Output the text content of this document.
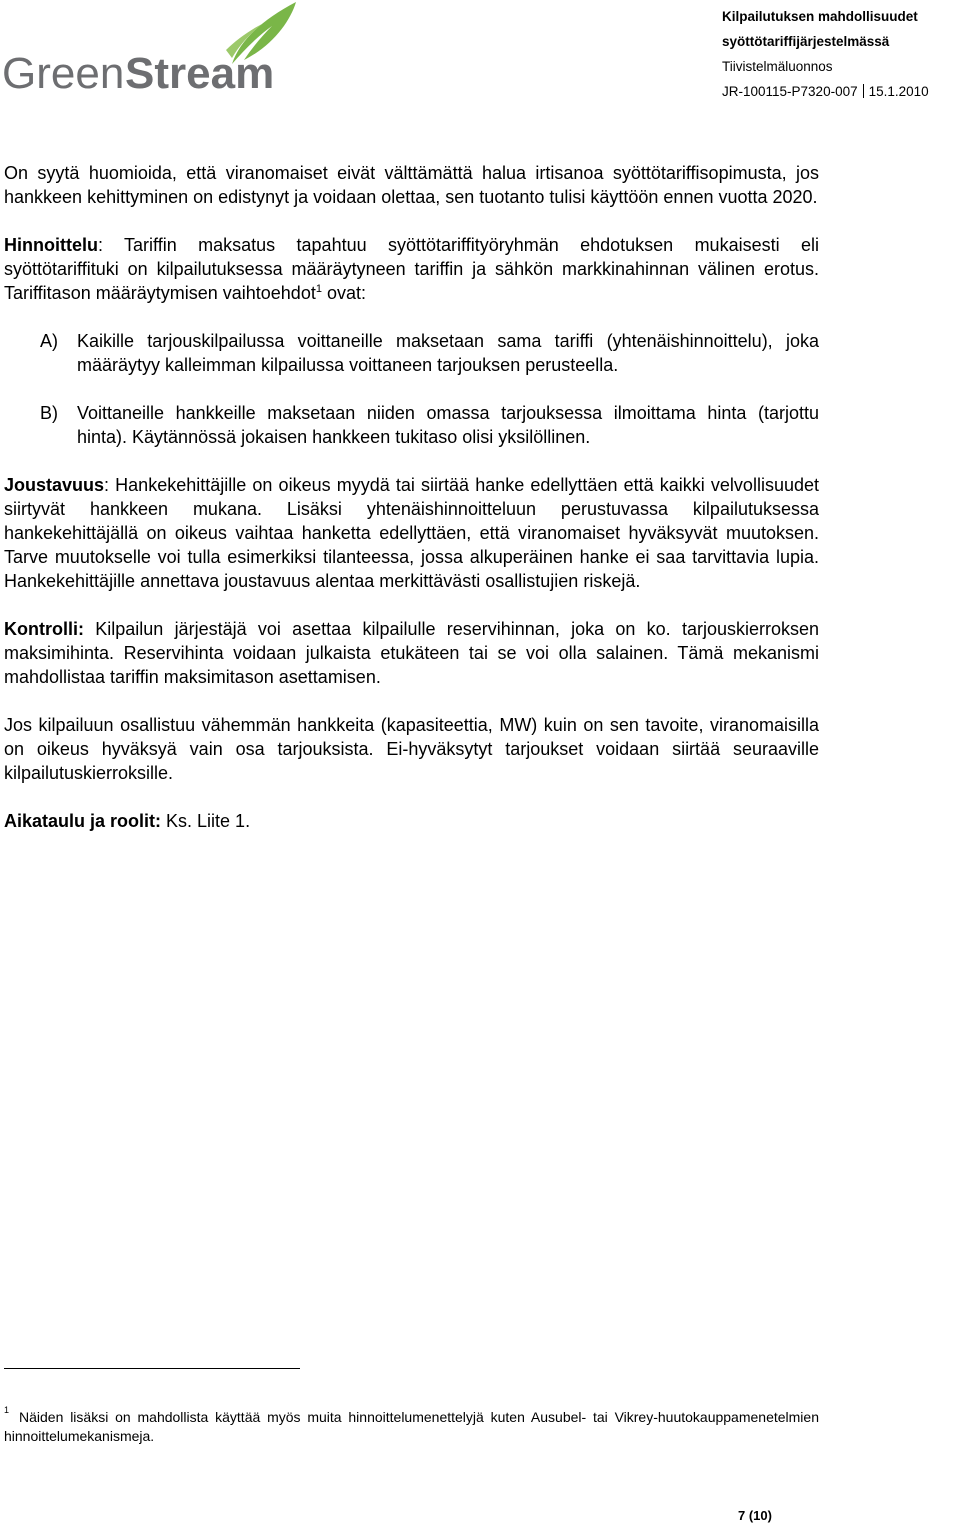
Green Stream
Kilpailutuksen mahdollisuudet
syöttötariffijärjestelmässä
Tiivistelmäluonnos
JR-100115-P7320-007 15.1.2010

On syytä huomioida, että viranomaiset eivät välttämättä halua irtisanoa syöttötariffisopimusta, jos hankkeen kehittyminen on edistynyt ja voidaan olettaa, sen tuotanto tulisi käyttöön ennen vuotta 2020.

Hinnoittelu: Tariffin maksatus tapahtuu syöttötariffityöryhmän ehdotuksen mukaisesti eli syöttötariffituki on kilpailutuksessa määräytyneen tariffin ja sähkön markkinahinnan välinen erotus. Tariffitason määräytymisen vaihtoehdot$^1$ ovat:

A)	Kaikille tarjouskilpailussa voittaneille maksetaan sama tariffi (yhtenäishinnoittelu), joka määräytyy kalleimman kilpailussa voittaneen tarjouksen perusteella.
B)	Voittaneille hankkeille maksetaan niiden omassa tarjouksessa ilmoittama hinta (tarjottu hinta). Käytännössä jokaisen hankkeen tukitaso olisi yksilöllinen.

Joustavuus: Hankekehittäjille on oikeus myydä tai siirtää hanke edellyttäen että kaikki velvollisuudet siirtyvät hankkeen mukana. Lisäksi yhtenäishinnoitteluun perustuvassa kilpailutuksessa hankekehittäjällä on oikeus vaihtaa hanketta edellyttäen, että viranomaiset hyväksyvät muutoksen. Tarve muutokselle voi tulla esimerkiksi tilanteessa, jossa alkuperäinen hanke ei saa tarvittavia lupia. Hankekehittäjille annettava joustavuus alentaa merkittävästi osallistujien riskejä.

Kontrolli: Kilpailun järjestäjä voi asettaa kilpailulle reservihinnan, joka on ko. tarjouskierroksen maksimihinta. Reservihinta voidaan julkaista etukäteen tai se voi olla salainen. Tämä mekanismi mahdollistaa tariffin maksimitason asettamisen.

Jos kilpailuun osallistuu vähemmän hankkeita (kapasiteettia, MW) kuin on sen tavoite, viranomaisilla on oikeus hyväksyä vain osa tarjouksista. Ei-hyväksytyt tarjoukset voidaan siirtää seuraaville kilpailutuskierroksille.

Aikataulu ja roolit: Ks. Liite 1.

$^1$ Näiden lisäksi on mahdollista käyttää myös muita hinnoittelumenettelyjä kuten Ausubel- tai Vikrey-huutokauppamenetelmien hinnoittelumekanismeja.
7 (10)
